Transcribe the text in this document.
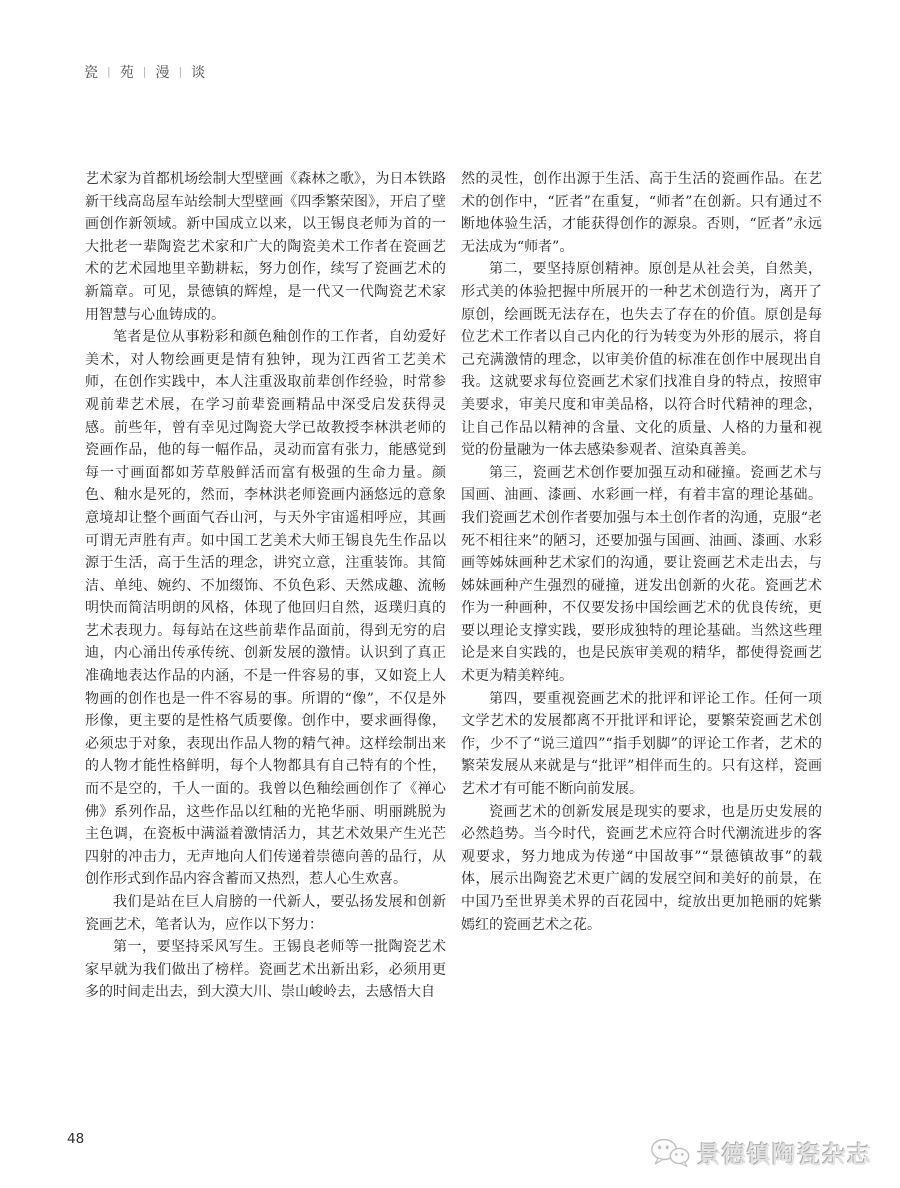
瓷 | 苑 | 漫 | 谈

艺术家为首都机场绘制大型壁画《森林之歌》，为日本铁路新干线高岛屋车站绘制大型壁画《四季繁荣图》，开启了壁画创作新领域。新中国成立以来，以王锡良老师为首的一大批老一辈陶瓷艺术家和广大的陶瓷美术工作者在瓷画艺术的艺术园地里辛勤耕耘，努力创作，续写了瓷画艺术的新篇章。可见，景德镇的辉煌，是一代又一代陶瓷艺术家用智慧与心血铸成的。

笔者是位从事粉彩和颜色釉创作的工作者，自幼爱好美术，对人物绘画更是情有独钟，现为江西省工艺美术师，在创作实践中，本人注重汲取前辈创作经验，时常参观前辈艺术展，在学习前辈瓷画精品中深受启发获得灵感。前些年，曾有幸见过陶瓷大学已故教授李林洪老师的瓷画作品，他的每一幅作品，灵动而富有张力，能感觉到每一寸画面都如芳草般鲜活而富有极强的生命力量。颜色、釉水是死的，然而，李林洪老师瓷画内涵悠远的意象意境却让整个画面气吞山河，与天外宇宙遥相呼应，其画可谓无声胜有声。如中国工艺美术大师王锡良先生作品以源于生活，高于生活的理念，讲究立意，注重装饰。其简洁、单纯、婉约、不加缀饰、不负色彩、天然成趣、流畅明快而简洁明朗的风格，体现了他回归自然，返璞归真的艺术表现力。每每站在这些前辈作品面前，得到无穷的启迪，内心涌出传承传统、创新发展的激情。认识到了真正准确地表达作品的内涵，不是一件容易的事，又如瓷上人物画的创作也是一件不容易的事。所谓的“像”，不仅是外形像，更主要的是性格气质要像。创作中，要求画得像，必须忠于对象，表现出作品人物的精气神。这样绘制出来的人物才能性格鲜明，每个人物都具有自己特有的个性，而不是空的，千人一面的。我曾以色釉绘画创作了《禅心佛》系列作品，这些作品以红釉的光艳华丽、明丽跳脱为主色调，在瓷板中满溢着激情活力，其艺术效果产生光芒四射的冲击力，无声地向人们传递着崇德向善的品行，从创作形式到作品内容含蓄而又热烈，惹人心生欢喜。

我们是站在巨人肩膀的一代新人，要弘扬发展和创新瓷画艺术，笔者认为，应作以下努力：

第一，要坚持采风写生。王锡良老师等一批陶瓷艺术家早就为我们做出了榜样。瓷画艺术出新出彩，必须用更多的时间走出去，到大漠大川、崇山峻岭去，去感悟大自

然的灵性，创作出源于生活、高于生活的瓷画作品。在艺术的创作中，“匠者”在重复，“师者”在创新。只有通过不断地体验生活，才能获得创作的源泉。否则，“匠者”永远无法成为“师者”。

第二，要坚持原创精神。原创是从社会美，自然美，形式美的体验把握中所展开的一种艺术创造行为，离开了原创，绘画既无法存在，也失去了存在的价值。原创是每位艺术工作者以自己内化的行为转变为外形的展示，将自己充满激情的理念，以审美价值的标准在创作中展现出自我。这就要求每位瓷画艺术家们找准自身的特点，按照审美要求，审美尺度和审美品格，以符合时代精神的理念，让自己作品以精神的含量、文化的质量、人格的力量和视觉的份量融为一体去感染参观者、渲染真善美。

第三，瓷画艺术创作要加强互动和碰撞。瓷画艺术与国画、油画、漆画、水彩画一样，有着丰富的理论基础。我们瓷画艺术创作者要加强与本土创作者的沟通，克服“老死不相往来”的陋习，还要加强与国画、油画、漆画、水彩画等姊妹画种艺术家们的沟通，要让瓷画艺术走出去，与姊妹画种产生强烈的碰撞，迸发出创新的火花。瓷画艺术作为一种画种，不仅要发扬中国绘画艺术的优良传统，更要以理论支撑实践，要形成独特的理论基础。当然这些理论是来自实践的，也是民族审美观的精华，都使得瓷画艺术更为精美粹纯。

第四，要重视瓷画艺术的批评和评论工作。任何一项文学艺术的发展都离不开批评和评论，要繁荣瓷画艺术创作，少不了“说三道四”“指手划脚”的评论工作者，艺术的繁荣发展从来就是与“批评”相伴而生的。只有这样，瓷画艺术才有可能不断向前发展。

瓷画艺术的创新发展是现实的要求，也是历史发展的必然趋势。当今时代，瓷画艺术应符合时代潮流进步的客观要求，努力地成为传递“中国故事”“景德镇故事”的载体，展示出陶瓷艺术更广阔的发展空间和美好的前景，在中国乃至世界美术界的百花园中，绽放出更加艳丽的姹紫嫣红的瓷画艺术之花。

48
景德镇陶瓷杂志
